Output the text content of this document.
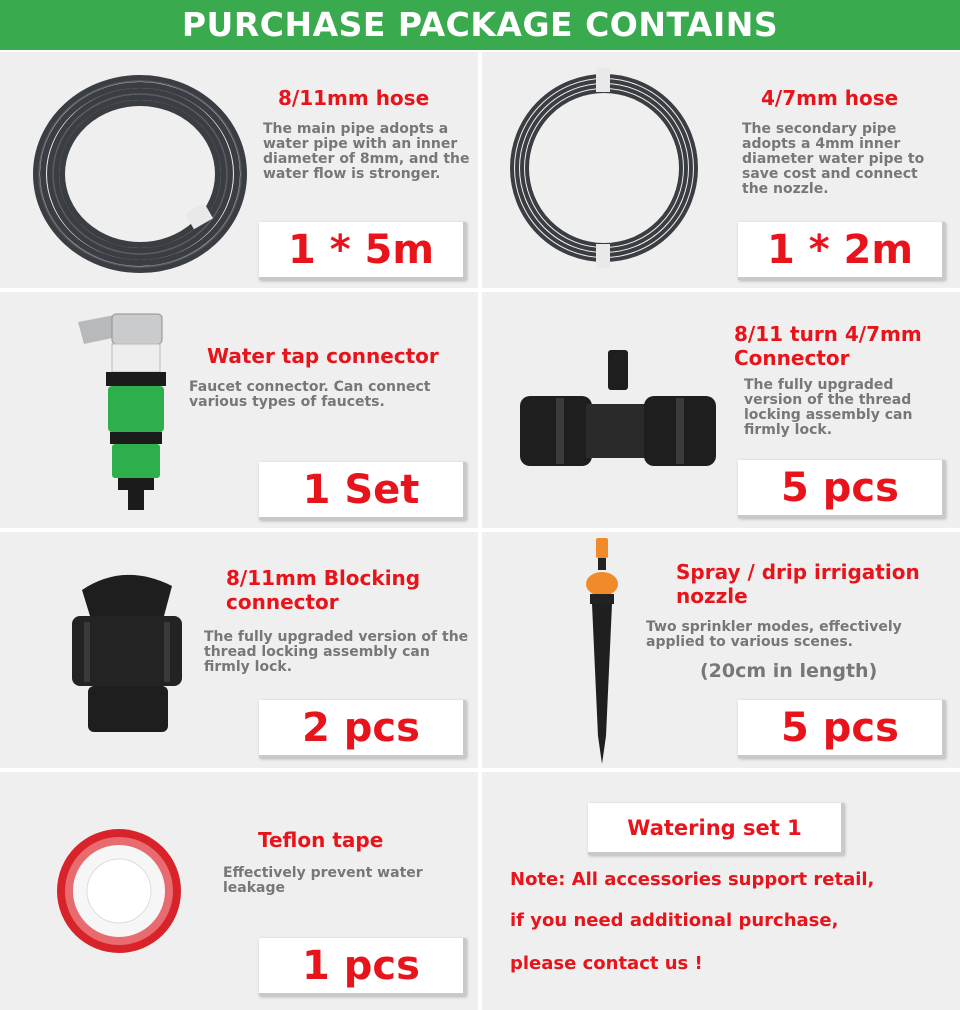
PURCHASE PACKAGE CONTAINS
8/11mm hose
The main pipe adopts a water pipe with an inner diameter of 8mm, and the water flow is stronger.
1 * 5m
4/7mm hose
The secondary pipe adopts a 4mm inner diameter water pipe to save cost and connect the nozzle.
1 * 2m
Water tap connector
Faucet connector. Can connect various types of faucets.
1 Set
8/11 turn 4/7mm Connector
The fully upgraded version of the thread locking assembly can firmly lock.
5 pcs
8/11mm Blocking connector
The fully upgraded version of the thread locking assembly can firmly lock.
2 pcs
Spray / drip irrigation nozzle
Two sprinkler modes, effectively applied to various scenes.
(20cm in length)
5 pcs
Teflon tape
Effectively prevent water leakage
1 pcs
Watering set 1
Note: All accessories support retail,
if you need additional purchase,
please contact us !
